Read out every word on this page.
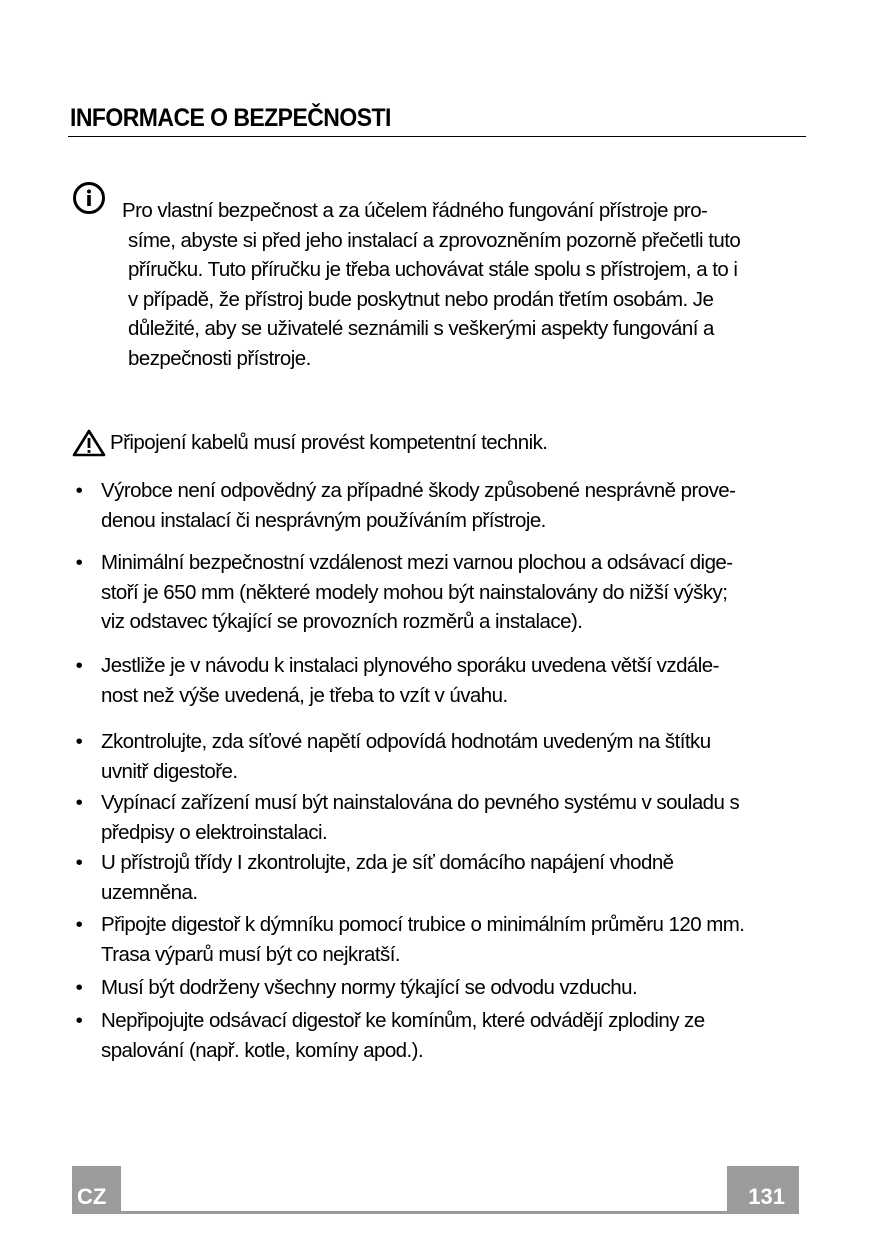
INFORMACE O BEZPEČNOSTI
Pro vlastní bezpečnost a za účelem řádného fungování přístroje pro-
síme, abyste si před jeho instalací a zprovozněním pozorně přečetli tuto
příručku. Tuto příručku je třeba uchovávat stále spolu s přístrojem, a to i
v případě, že přístroj bude poskytnut nebo prodán třetím osobám. Je
důležité, aby se uživatelé seznámili s veškerými aspekty fungování a
bezpečnosti přístroje.
Připojení kabelů musí provést kompetentní technik.
• Výrobce není odpovědný za případné škody způsobené nesprávně prove-
denou instalací či nesprávným používáním přístroje.
• Minimální bezpečnostní vzdálenost mezi varnou plochou a odsávací dige-
stoří je 650 mm (některé modely mohou být nainstalovány do nižší výšky;
viz odstavec týkající se provozních rozměrů a instalace).
• Jestliže je v návodu k instalaci plynového sporáku uvedena větší vzdále-
nost než výše uvedená, je třeba to vzít v úvahu.
• Zkontrolujte, zda síťové napětí odpovídá hodnotám uvedeným na štítku
uvnitř digestoře.
• Vypínací zařízení musí být nainstalována do pevného systému v souladu s
předpisy o elektroinstalaci.
• U přístrojů třídy I zkontrolujte, zda je síť domácího napájení vhodně
uzemněna.
• Připojte digestoř k dýmníku pomocí trubice o minimálním průměru 120 mm.
Trasa výparů musí být co nejkratší.
• Musí být dodrženy všechny normy týkající se odvodu vzduchu.
• Nepřipojujte odsávací digestoř ke komínům, které odvádějí zplodiny ze
spalování (např. kotle, komíny apod.).
CZ	131
